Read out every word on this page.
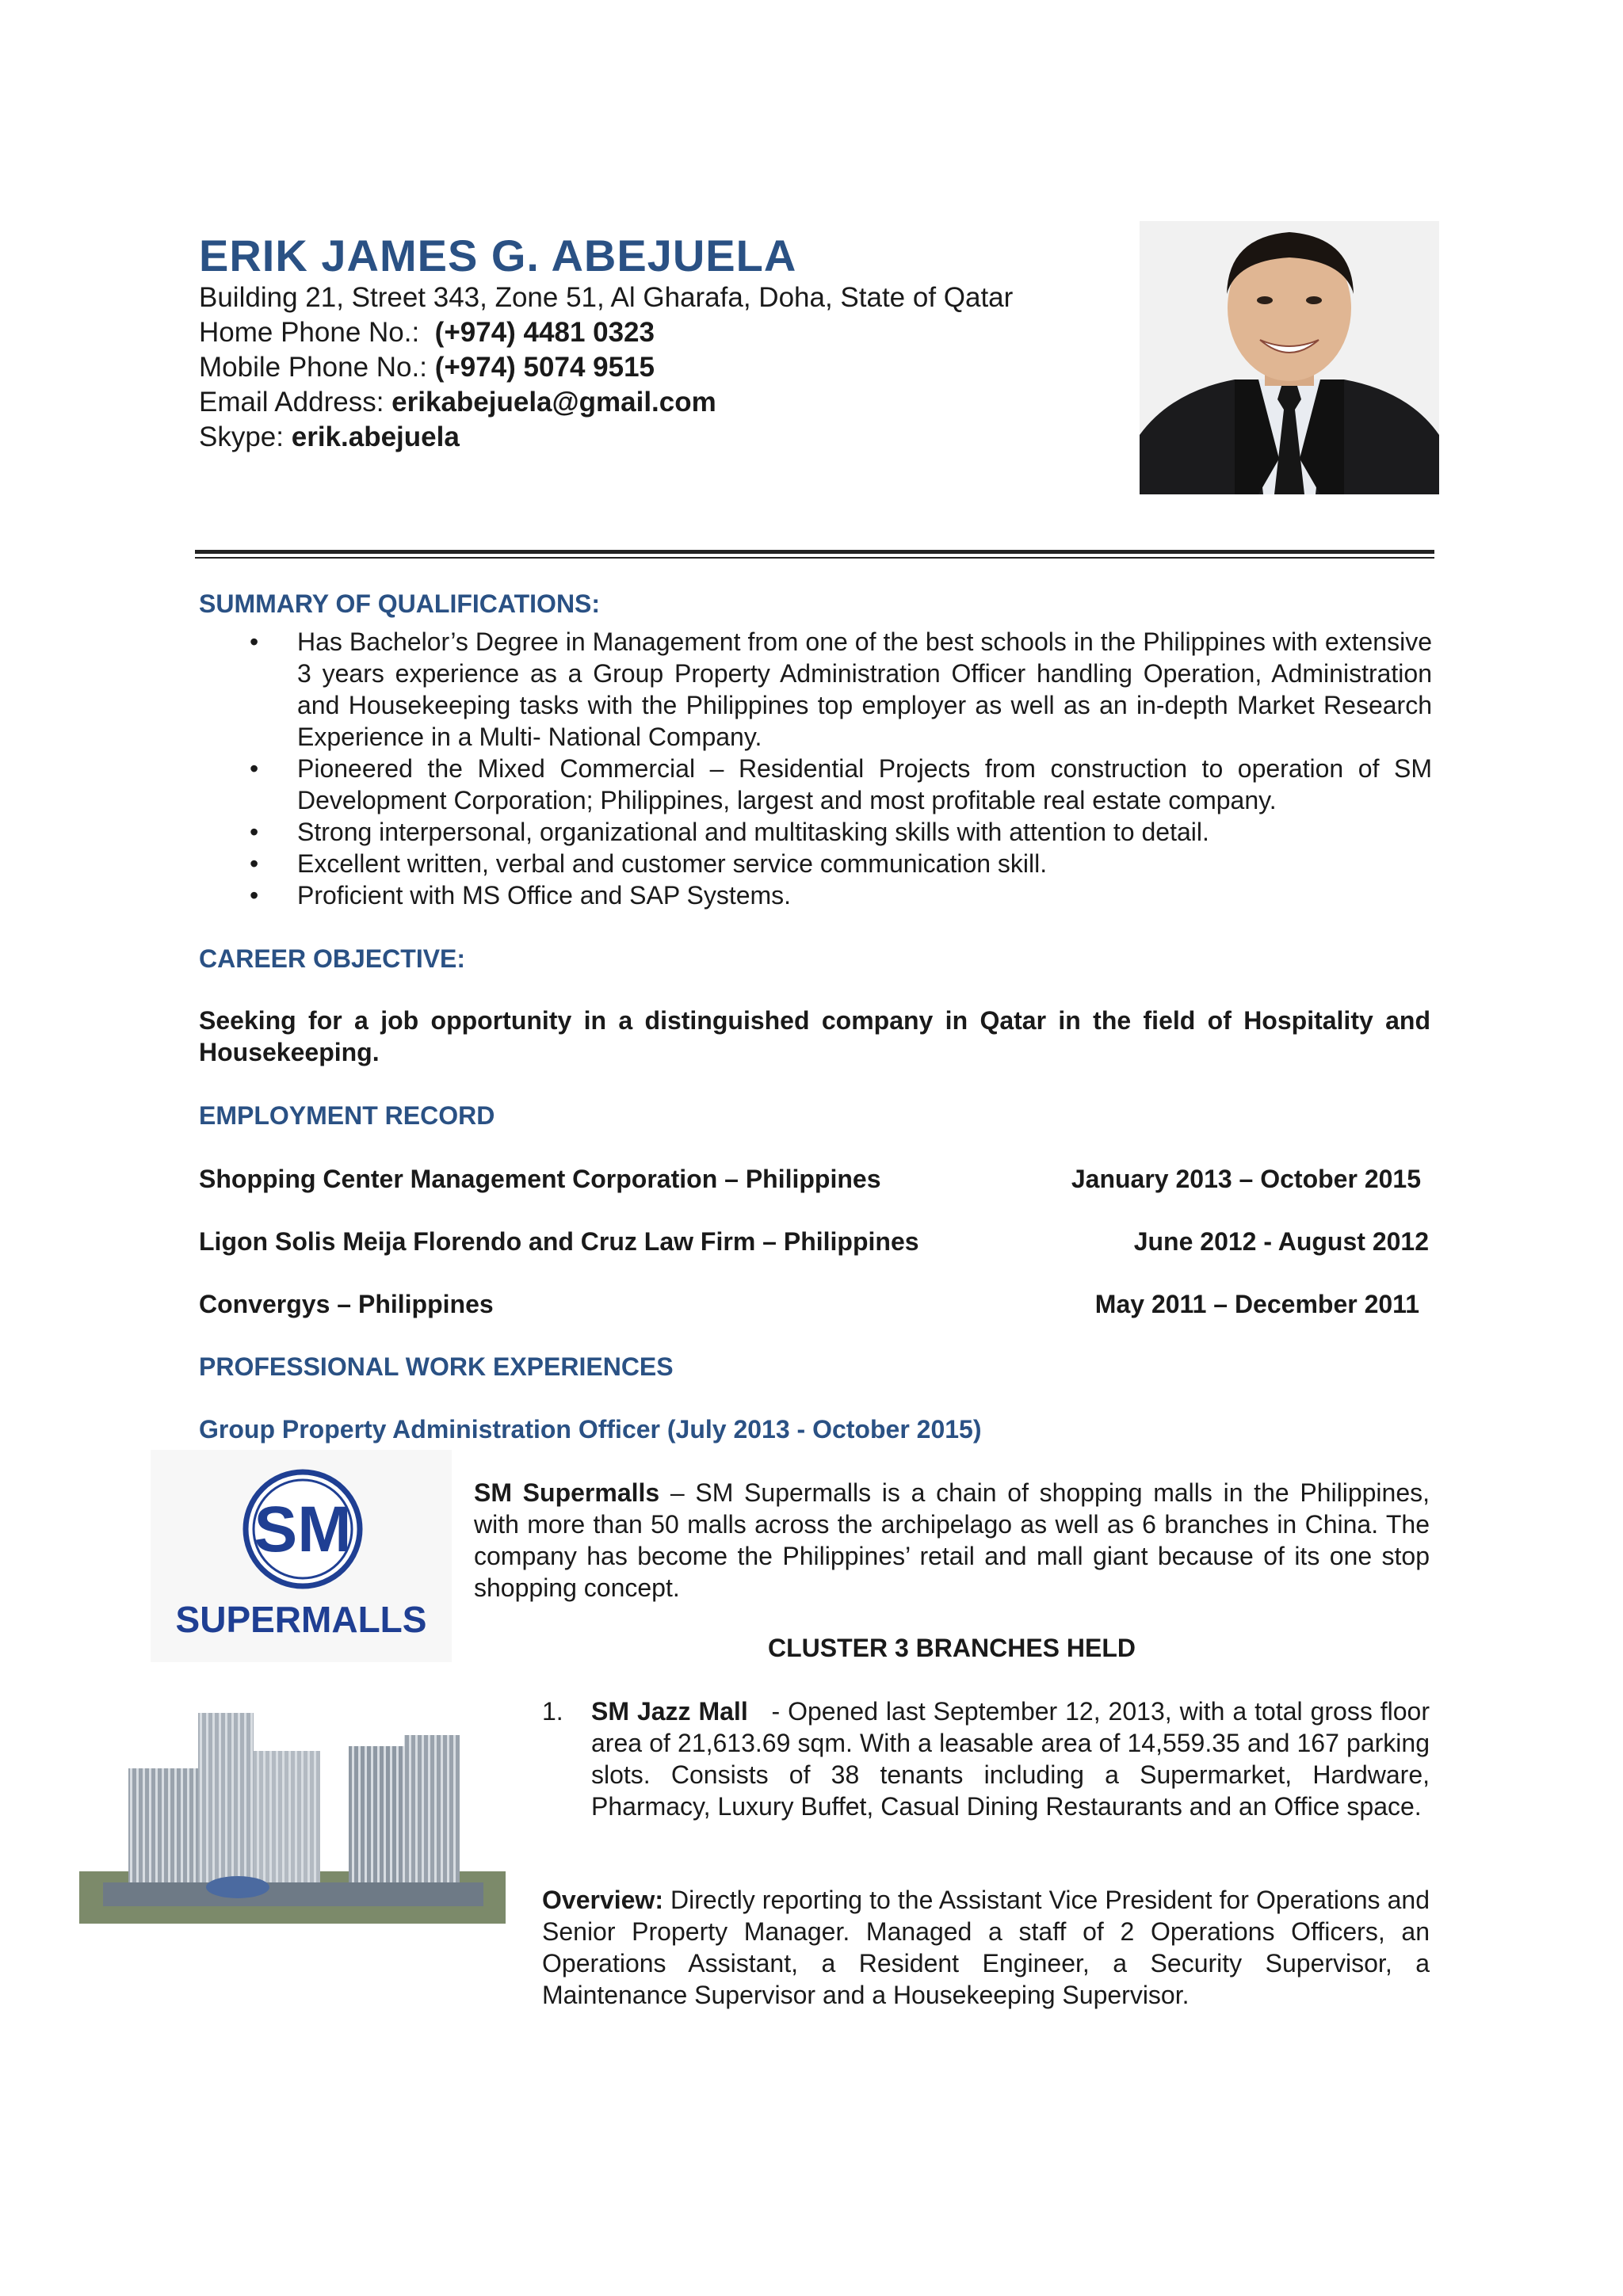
ERIK JAMES G. ABEJUELA
Building 21, Street 343, Zone 51, Al Gharafa, Doha, State of Qatar
Home Phone No.: (+974) 4481 0323
Mobile Phone No.: (+974) 5074 9515
Email Address: erikabejuela@gmail.com
Skype: erik.abejuela
SUMMARY OF QUALIFICATIONS:
• Has Bachelor’s Degree in Management from one of the best schools in the Philippines with extensive 3 years experience as a Group Property Administration Officer handling Operation, Administration and Housekeeping tasks with the Philippines top employer as well as an in-depth Market Research Experience in a Multi- National Company.
• Pioneered the Mixed Commercial – Residential Projects from construction to operation of SM Development Corporation; Philippines, largest and most profitable real estate company.
• Strong interpersonal, organizational and multitasking skills with attention to detail.
• Excellent written, verbal and customer service communication skill.
• Proficient with MS Office and SAP Systems.
CAREER OBJECTIVE:
Seeking for a job opportunity in a distinguished company in Qatar in the field of Hospitality and Housekeeping.
EMPLOYMENT RECORD
Shopping Center Management Corporation – Philippines	January 2013 – October 2015
Ligon Solis Meija Florendo and Cruz Law Firm – Philippines	June 2012 - August 2012
Convergys – Philippines	May 2011 – December 2011
PROFESSIONAL WORK EXPERIENCES
Group Property Administration Officer (July 2013 - October 2015)
SM
SUPERMALLS
SM Supermalls – SM Supermalls is a chain of shopping malls in the Philippines, with more than 50 malls across the archipelago as well as 6 branches in China. The company has become the Philippines’ retail and mall giant because of its one stop shopping concept.
CLUSTER 3 BRANCHES HELD
1.	SM Jazz Mall   - Opened last September 12, 2013, with a total gross floor area of 21,613.69 sqm. With a leasable area of 14,559.35 and 167 parking slots. Consists of 38 tenants including a Supermarket, Hardware, Pharmacy, Luxury Buffet, Casual Dining Restaurants and an Office space.
Overview: Directly reporting to the Assistant Vice President for Operations and Senior Property Manager. Managed a staff of 2 Operations Officers, an Operations Assistant, a Resident Engineer, a Security Supervisor, a Maintenance Supervisor and a Housekeeping Supervisor.
